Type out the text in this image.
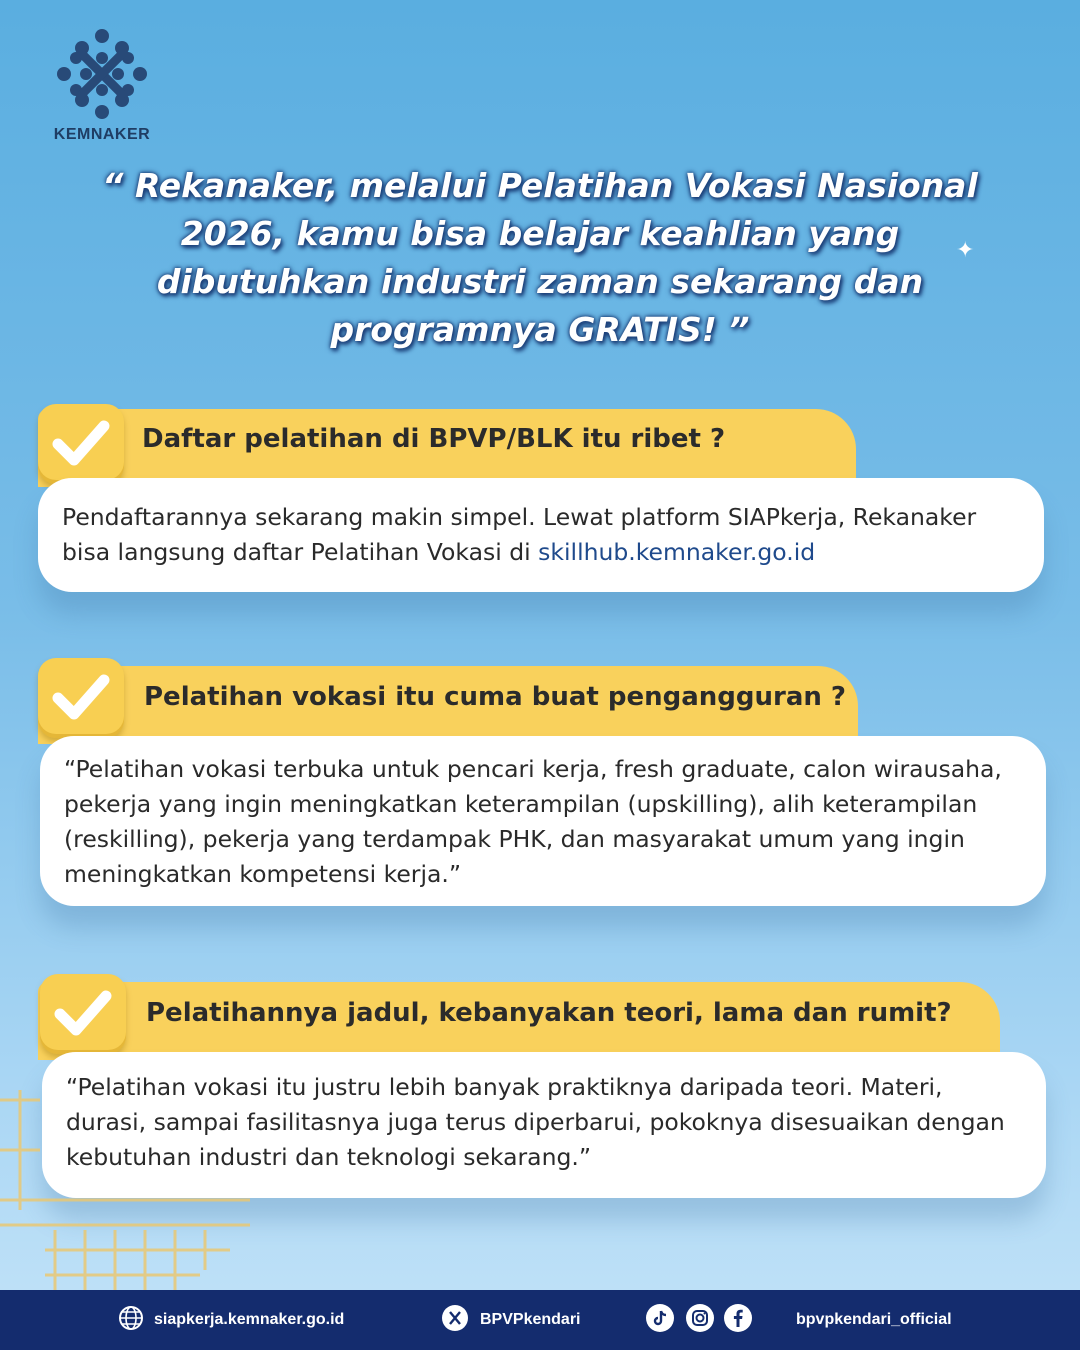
KEMNAKER
“ Rekanaker, melalui Pelatihan Vokasi Nasional 2026, kamu bisa belajar keahlian yang dibutuhkan industri zaman sekarang dan programnya GRATIS! ”
✦
Daftar pelatihan di BPVP/BLK itu ribet ?
Pendaftarannya sekarang makin simpel. Lewat platform SIAPkerja, Rekanaker bisa langsung daftar Pelatihan Vokasi di skillhub.kemnaker.go.id
Pelatihan vokasi itu cuma buat pengangguran ?
“Pelatihan vokasi terbuka untuk pencari kerja, fresh graduate, calon wirausaha, pekerja yang ingin meningkatkan keterampilan (upskilling), alih keterampilan (reskilling), pekerja yang terdampak PHK, dan masyarakat umum yang ingin meningkatkan kompetensi kerja.”
Pelatihannya jadul, kebanyakan teori, lama dan rumit?
“Pelatihan vokasi itu justru lebih banyak praktiknya daripada teori. Materi, durasi, sampai fasilitasnya juga terus diperbarui, pokoknya disesuaikan dengan kebutuhan industri dan teknologi sekarang.”
siapkerja.kemnaker.go.id	BPVPkendari	bpvpkendari_official
